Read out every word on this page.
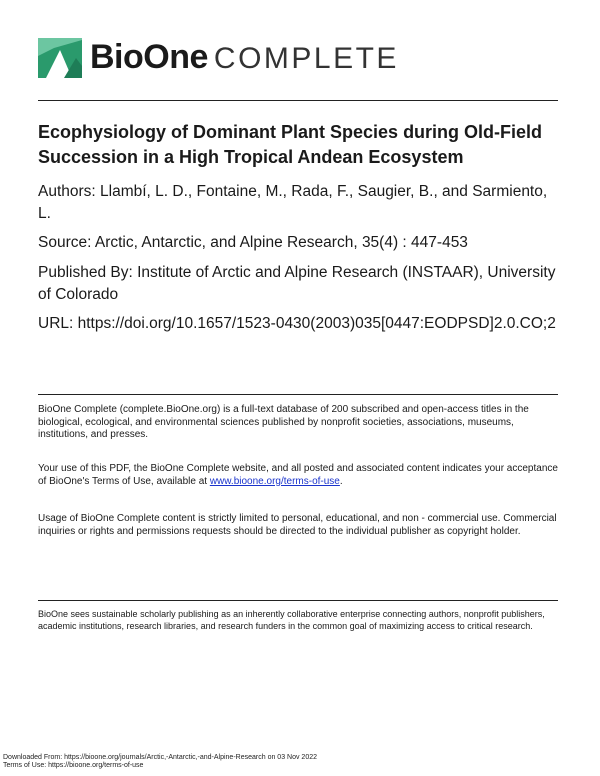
BioOne COMPLETE
Ecophysiology of Dominant Plant Species during Old-Field Succession in a High Tropical Andean Ecosystem
Authors: Llambí, L. D., Fontaine, M., Rada, F., Saugier, B., and Sarmiento, L.
Source: Arctic, Antarctic, and Alpine Research, 35(4) : 447-453
Published By: Institute of Arctic and Alpine Research (INSTAAR), University of Colorado
URL: https://doi.org/10.1657/1523-0430(2003)035[0447:EODPSD]2.0.CO;2
BioOne Complete (complete.BioOne.org) is a full-text database of 200 subscribed and open-access titles in the biological, ecological, and environmental sciences published by nonprofit societies, associations, museums, institutions, and presses.
Your use of this PDF, the BioOne Complete website, and all posted and associated content indicates your acceptance of BioOne's Terms of Use, available at www.bioone.org/terms-of-use.
Usage of BioOne Complete content is strictly limited to personal, educational, and non - commercial use. Commercial inquiries or rights and permissions requests should be directed to the individual publisher as copyright holder.
BioOne sees sustainable scholarly publishing as an inherently collaborative enterprise connecting authors, nonprofit publishers, academic institutions, research libraries, and research funders in the common goal of maximizing access to critical research.
Downloaded From: https://bioone.org/journals/Arctic,-Antarctic,-and-Alpine-Research on 03 Nov 2022
Terms of Use: https://bioone.org/terms-of-use
